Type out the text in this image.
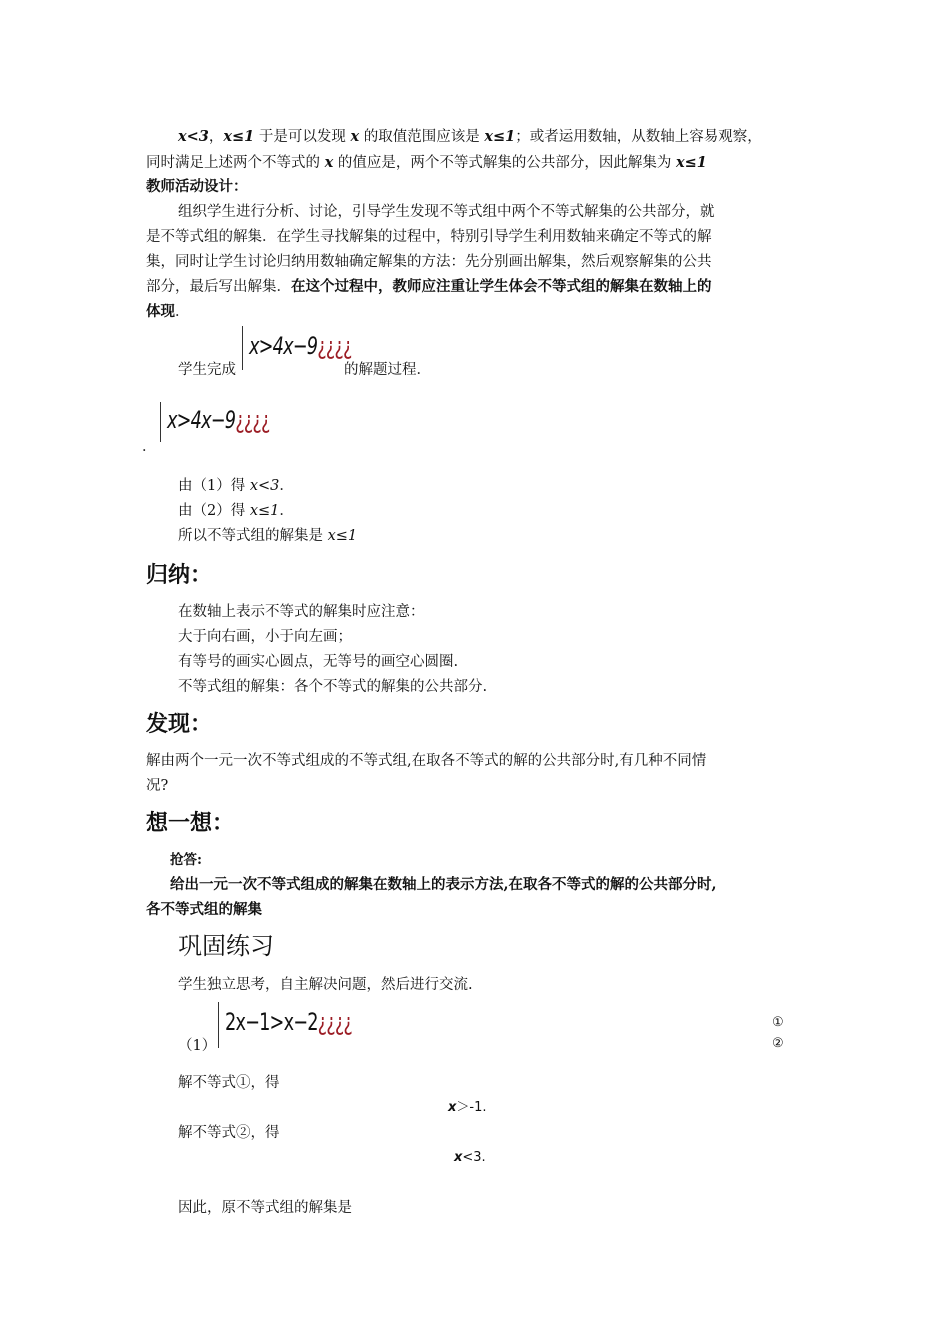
x<3，x≤1 于是可以发现 x 的取值范围应该是 x≤1；或者运用数轴，从数轴上容易观察，
同时满足上述两个不等式的 x 的值应是，两个不等式解集的公共部分，因此解集为 x≤1
教师活动设计：
组织学生进行分析、讨论，引导学生发现不等式组中两个不等式解集的公共部分，就
是不等式组的解集．在学生寻找解集的过程中，特别引导学生利用数轴来确定不等式的解
集，同时让学生讨论归纳用数轴确定解集的方法：先分别画出解集，然后观察解集的公共
部分，最后写出解集．在这个过程中，教师应注重让学生体会不等式组的解集在数轴上的
体现．
学生完成
x>4x−9¿¿¿¿
的解题过程．
x>4x−9¿¿¿¿
．
由（1）得 x<3．
由（2）得 x≤1．
所以不等式组的解集是 x≤1
归纳：
在数轴上表示不等式的解集时应注意：
大于向右画，小于向左画；
有等号的画实心圆点，无等号的画空心圆圈.
不等式组的解集：各个不等式的解集的公共部分.
发现：
解由两个一元一次不等式组成的不等式组,在取各不等式的解的公共部分时,有几种不同情
况?
想一想：
抢答:
给出一元一次不等式组成的解集在数轴上的表示方法,在取各不等式的解的公共部分时,
各不等式组的解集
巩固练习
学生独立思考，自主解决问题，然后进行交流.
（1）
2x−1>x−2¿¿¿¿	①
②
解不等式①，得
x＞-1.
解不等式②，得
x<3.
因此，原不等式组的解集是
